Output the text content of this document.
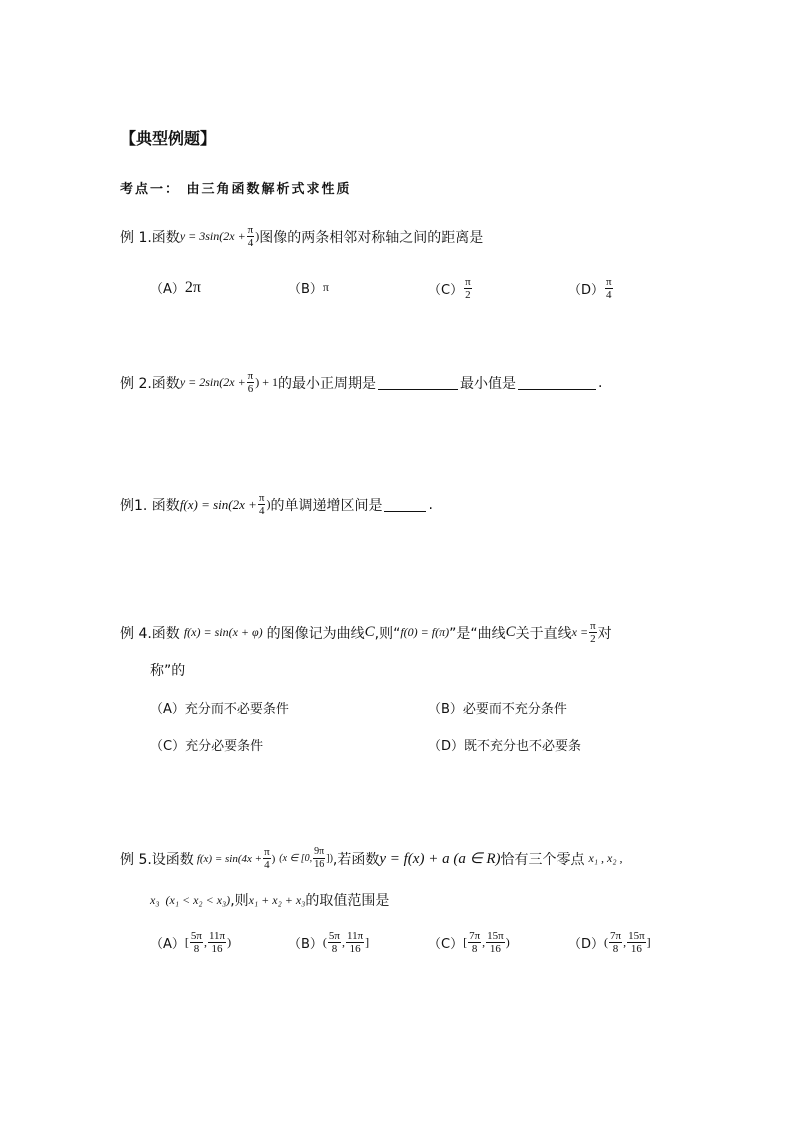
【典型例题】
考点一： 由三角函数解析式求性质
例 1.函数 $y = 3\sin(2x + \frac{\pi}{4}$ ) 图像的两条相邻对称轴之间的距离是
（A） 2π	（B） π	$(C) \frac{\pi}{2}$	$(D) \frac{\pi}{4}$
例 2.函数 $y = 2\sin(2x + \frac{\pi}{6}$ ) + 1 的最小正周期是	最小值是	.
例1. 函数 $f(x) = \sin(2x + \frac{\pi}{4}$ ) 的单调递增区间是	.
例 4.函数 f(x) = sin(x + φ) 的图像记为曲线 C ,则“ f(0) = f(π) ”是“曲线 C 关于直线 $x = \frac{\pi}{2}$ 对
称”的
（A）充分而不必要条件	（B）必要而不充分条件
（C）充分必要条件	（D）既不充分也不必要条
例 5.设函数 $f(x) = \sin(4x + \frac{\pi}{4}$ ) (x ∈ [0, $\frac{9\pi}{16}$ ]) ,若函数 y = f(x) + a (a ∈ R) 恰有三个零点 x₁ , x₂ ,
x₃ (x₁ < x₂ < x₃) ,则 x₁ + x₂ + x₃ 的取值范围是
（A） [ $\frac{5\pi}{8}$ , $\frac{11\pi}{16}$ )	（B） ( $\frac{5\pi}{8}$ , $\frac{11\pi}{16}$ ]	（C） [ $\frac{7\pi}{8}$ , $\frac{15\pi}{16}$ )	（D） ( $\frac{7\pi}{8}$ , $\frac{15\pi}{16}$ ]
